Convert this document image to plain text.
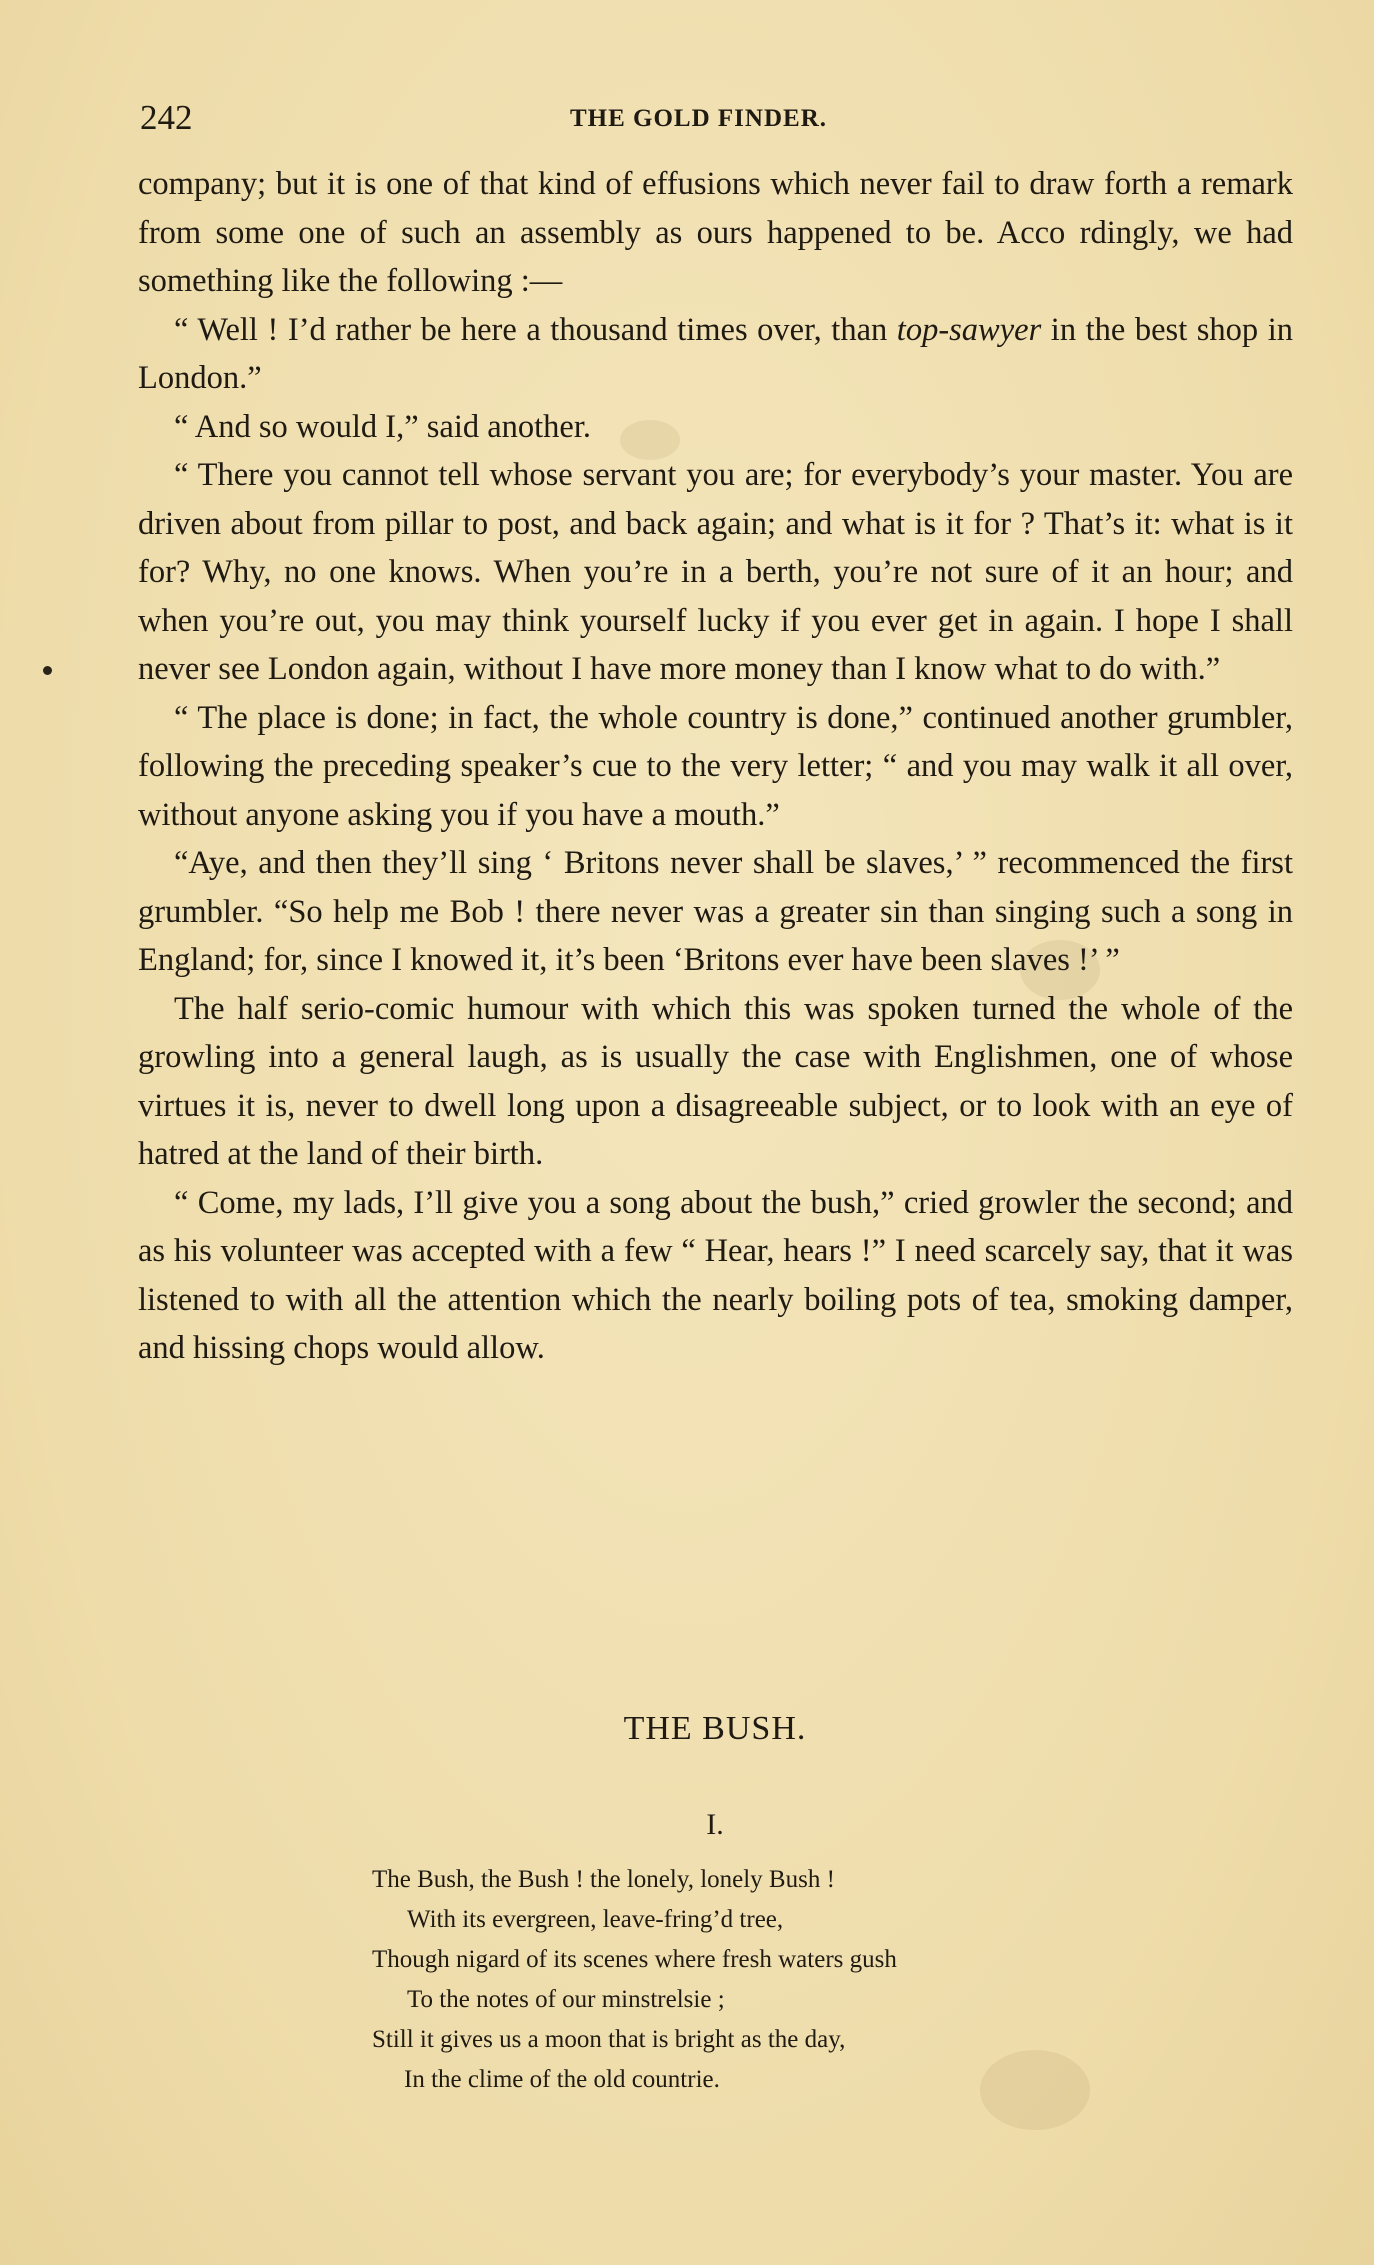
242	THE GOLD FINDER.

company; but it is one of that kind of effusions which never fail to draw forth a remark from some one of such an assembly as ours happened to be. Acco rdingly, we had something like the following :—

“ Well ! I’d rather be here a thousand times over, than top-sawyer in the best shop in London.”

“ And so would I,” said another.

“ There you cannot tell whose servant you are; for everybody’s your master. You are driven about from pillar to post, and back again; and what is it for ? That’s it: what is it for? Why, no one knows. When you’re in a berth, you’re not sure of it an hour; and when you’re out, you may think yourself lucky if you ever get in again. I hope I shall never see London again, without I have more money than I know what to do with.”

“ The place is done; in fact, the whole country is done,” continued another grumbler, following the preceding speaker’s cue to the very letter; “ and you may walk it all over, without anyone asking you if you have a mouth.”

“Aye, and then they’ll sing ‘ Britons never shall be slaves,’ ” recommenced the first grumbler. “So help me Bob ! there never was a greater sin than singing such a song in England; for, since I knowed it, it’s been ‘Britons ever have been slaves !’ ”

The half serio-comic humour with which this was spoken turned the whole of the growling into a general laugh, as is usually the case with Englishmen, one of whose virtues it is, never to dwell long upon a disagreeable subject, or to look with an eye of hatred at the land of their birth.

“ Come, my lads, I’ll give you a song about the bush,” cried growler the second; and as his volunteer was accepted with a few “ Hear, hears !” I need scarcely say, that it was listened to with all the attention which the nearly boiling pots of tea, smoking damper, and hissing chops would allow.

THE BUSH.
I.
The Bush, the Bush ! the lonely, lonely Bush !
With its evergreen, leave-fring’d tree,
Though nigard of its scenes where fresh waters gush
To the notes of our minstrelsie ;
Still it gives us a moon that is bright as the day,
In the clime of the old countrie.
